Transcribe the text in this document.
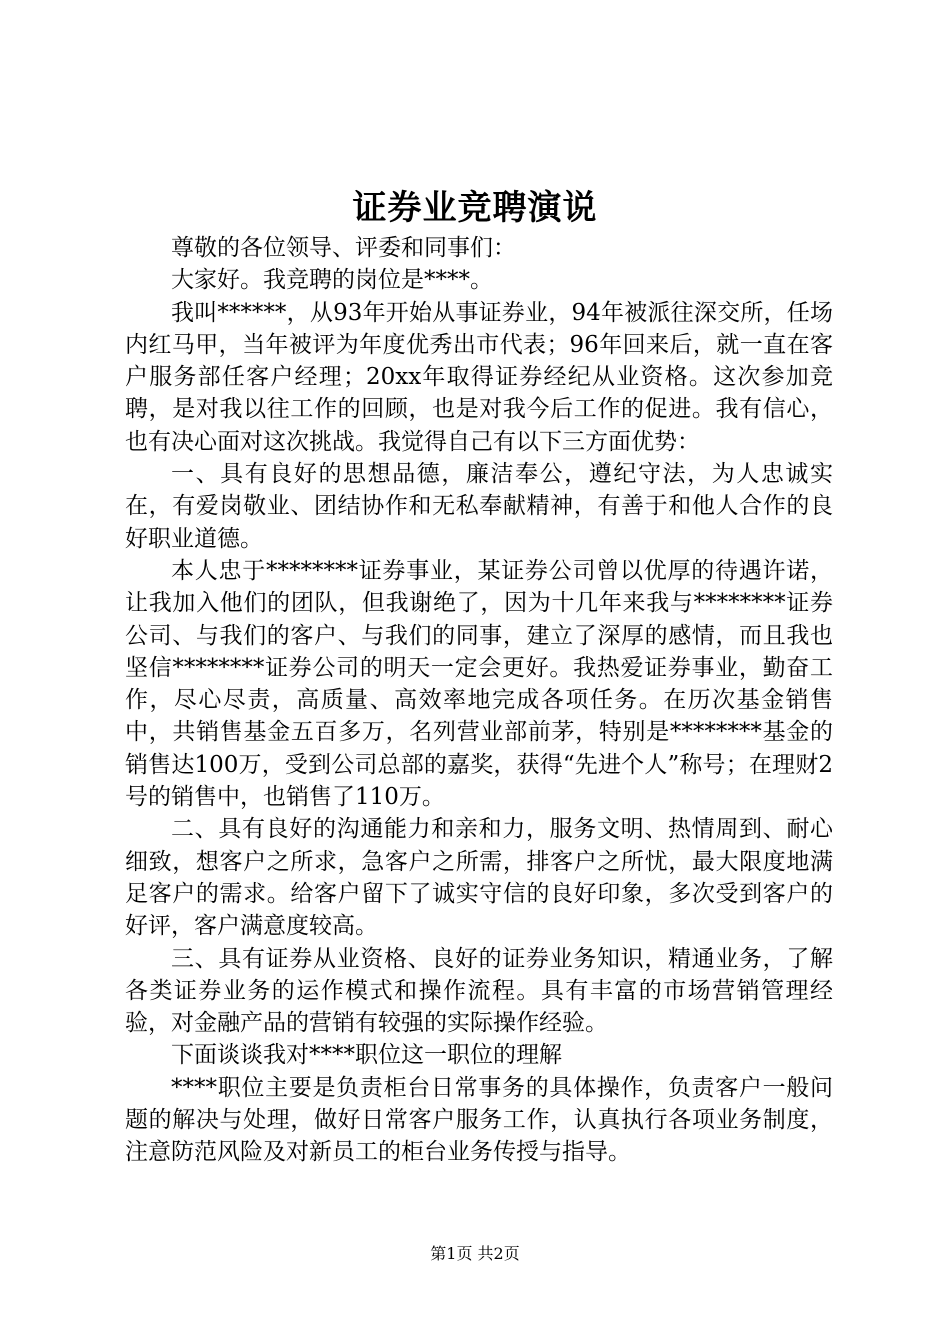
证券业竞聘演说

尊敬的各位领导、评委和同事们：

大家好。我竞聘的岗位是****。

我叫******，从93年开始从事证券业，94年被派往深交所，任场内红马甲，当年被评为年度优秀出市代表；96年回来后，就一直在客户服务部任客户经理；20xx年取得证券经纪从业资格。这次参加竞聘，是对我以往工作的回顾，也是对我今后工作的促进。我有信心，也有决心面对这次挑战。我觉得自己有以下三方面优势：

一、具有良好的思想品德，廉洁奉公，遵纪守法，为人忠诚实在，有爱岗敬业、团结协作和无私奉献精神，有善于和他人合作的良好职业道德。

本人忠于********证券事业，某证券公司曾以优厚的待遇许诺，让我加入他们的团队，但我谢绝了，因为十几年来我与********证券公司、与我们的客户、与我们的同事，建立了深厚的感情，而且我也坚信********证券公司的明天一定会更好。我热爱证券事业，勤奋工作，尽心尽责，高质量、高效率地完成各项任务。在历次基金销售中，共销售基金五百多万，名列营业部前茅，特别是********基金的销售达100万，受到公司总部的嘉奖，获得“先进个人”称号；在理财2号的销售中，也销售了110万。

二、具有良好的沟通能力和亲和力，服务文明、热情周到、耐心细致，想客户之所求，急客户之所需，排客户之所忧，最大限度地满足客户的需求。给客户留下了诚实守信的良好印象，多次受到客户的好评，客户满意度较高。

三、具有证券从业资格、良好的证券业务知识，精通业务，了解各类证券业务的运作模式和操作流程。具有丰富的市场营销管理经验，对金融产品的营销有较强的实际操作经验。

下面谈谈我对****职位这一职位的理解

****职位主要是负责柜台日常事务的具体操作，负责客户一般问题的解决与处理，做好日常客户服务工作，认真执行各项业务制度，注意防范风险及对新员工的柜台业务传授与指导。

第1页 共2页
